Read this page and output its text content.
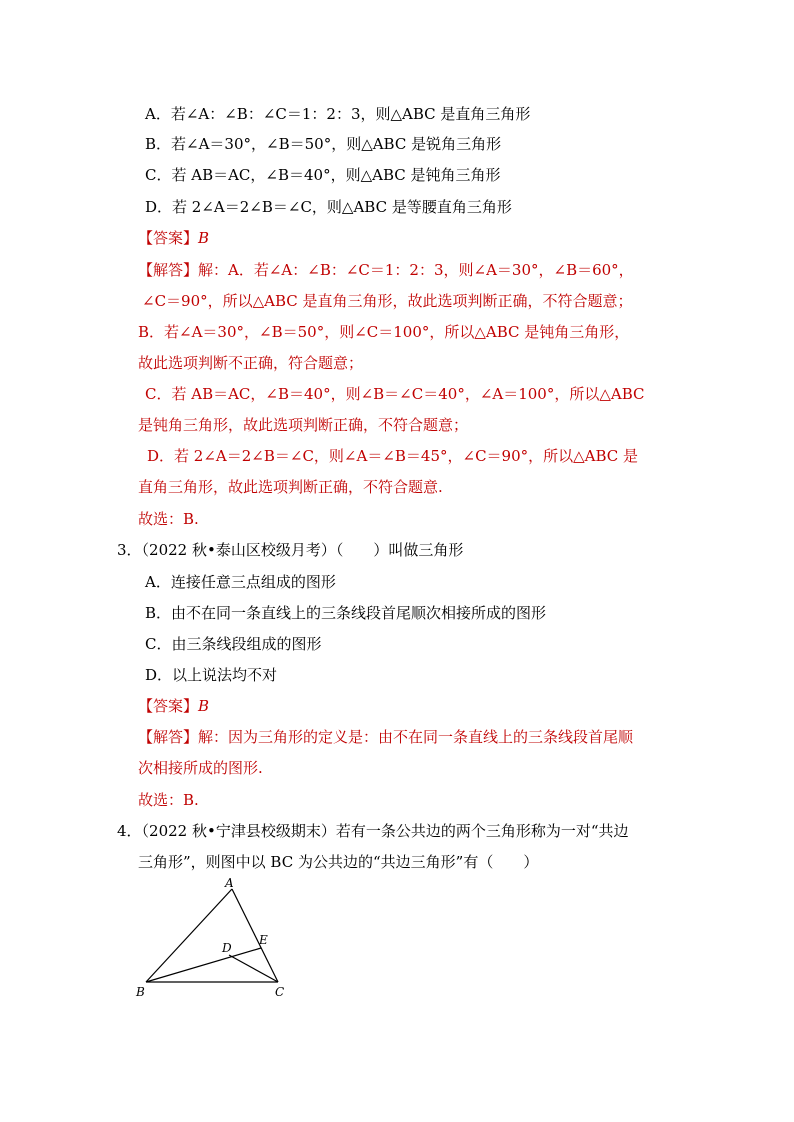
A．若∠A：∠B：∠C＝1：2：3，则△ABC 是直角三角形
B．若∠A＝30°，∠B＝50°，则△ABC 是锐角三角形
C．若 AB＝AC，∠B＝40°，则△ABC 是钝角三角形
D．若 2∠A＝2∠B＝∠C，则△ABC 是等腰直角三角形
【答案】B
【解答】解：A．若∠A：∠B：∠C＝1：2：3，则∠A＝30°，∠B＝60°，
∠C＝90°，所以△ABC 是直角三角形，故此选项判断正确，不符合题意；
B．若∠A＝30°，∠B＝50°，则∠C＝100°，所以△ABC 是钝角三角形，
故此选项判断不正确，符合题意；
C．若 AB＝AC，∠B＝40°，则∠B＝∠C＝40°，∠A＝100°，所以△ABC
是钝角三角形，故此选项判断正确，不符合题意；
D．若 2∠A＝2∠B＝∠C，则∠A＝∠B＝45°，∠C＝90°，所以△ABC 是
直角三角形，故此选项判断正确，不符合题意.
故选：B.
3．（2022 秋•泰山区校级月考）（　　）叫做三角形
A．连接任意三点组成的图形
B．由不在同一条直线上的三条线段首尾顺次相接所成的图形
C．由三条线段组成的图形
D．以上说法均不对
【答案】B
【解答】解：因为三角形的定义是：由不在同一条直线上的三条线段首尾顺
次相接所成的图形.
故选：B.
4．（2022 秋•宁津县校级期末）若有一条公共边的两个三角形称为一对“共边
三角形”，则图中以 BC 为公共边的“共边三角形”有（　　）
A
B	C
D
E
